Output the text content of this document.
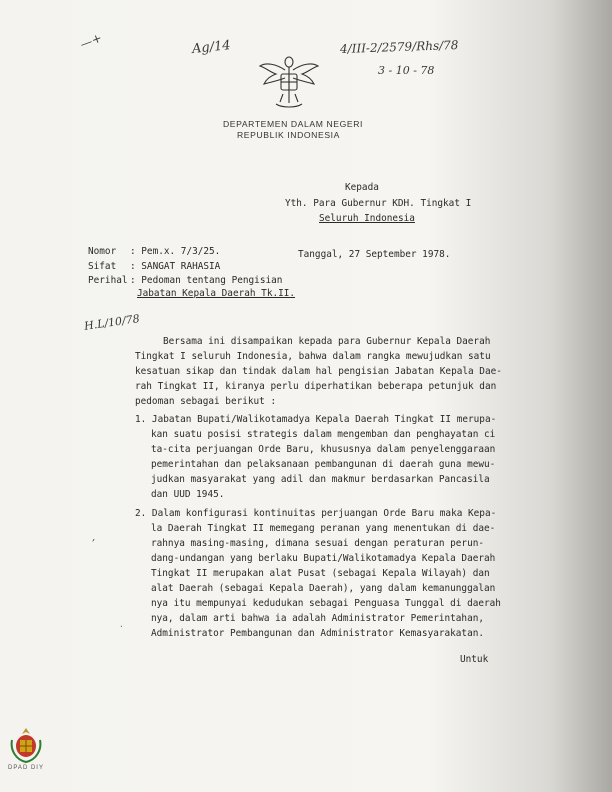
Ag/14	4/III-2/2579/Rhs/78
3 - 10 - 78
—+
DEPARTEMEN DALAM NEGERI
REPUBLIK INDONESIA
Kepada
Yth. Para Gubernur KDH. Tingkat I
Seluruh Indonesia
Nomor : Pem.x. 7/3/25.	Tanggal, 27 September 1978.
Sifat : SANGAT RAHASIA
Perihal : Pedoman tentang Pengisian
Jabatan Kepala Daerah Tk.II.
H.L/10/78
Bersama ini disampaikan kepada para Gubernur Kepala Daerah
Tingkat I seluruh Indonesia, bahwa dalam rangka mewujudkan satu
kesatuan sikap dan tindak dalam hal pengisian Jabatan Kepala Dae-
rah Tingkat II, kiranya perlu diperhatikan beberapa petunjuk dan
pedoman sebagai berikut :
1. Jabatan Bupati/Walikotamadya Kepala Daerah Tingkat II merupa-
kan suatu posisi strategis dalam mengemban dan penghayatan ci
ta-cita perjuangan Orde Baru, khususnya dalam penyelenggaraan
pemerintahan dan pelaksanaan pembangunan di daerah guna mewu-
judkan masyarakat yang adil dan makmur berdasarkan Pancasila
dan UUD 1945.
2. Dalam konfigurasi kontinuitas perjuangan Orde Baru maka Kepa-
la Daerah Tingkat II memegang peranan yang menentukan di dae-
rahnya masing-masing, dimana sesuai dengan peraturan perun-
dang-undangan yang berlaku Bupati/Walikotamadya Kepala Daerah
Tingkat II merupakan alat Pusat (sebagai Kepala Wilayah) dan
alat Daerah (sebagai Kepala Daerah), yang dalam kemanunggalan
nya itu mempunyai kedudukan sebagai Penguasa Tunggal di daerah
nya, dalam arti bahwa ia adalah Administrator Pemerintahan,
Administrator Pembangunan dan Administrator Kemasyarakatan.
Untuk
,
·
DPAD DIY
